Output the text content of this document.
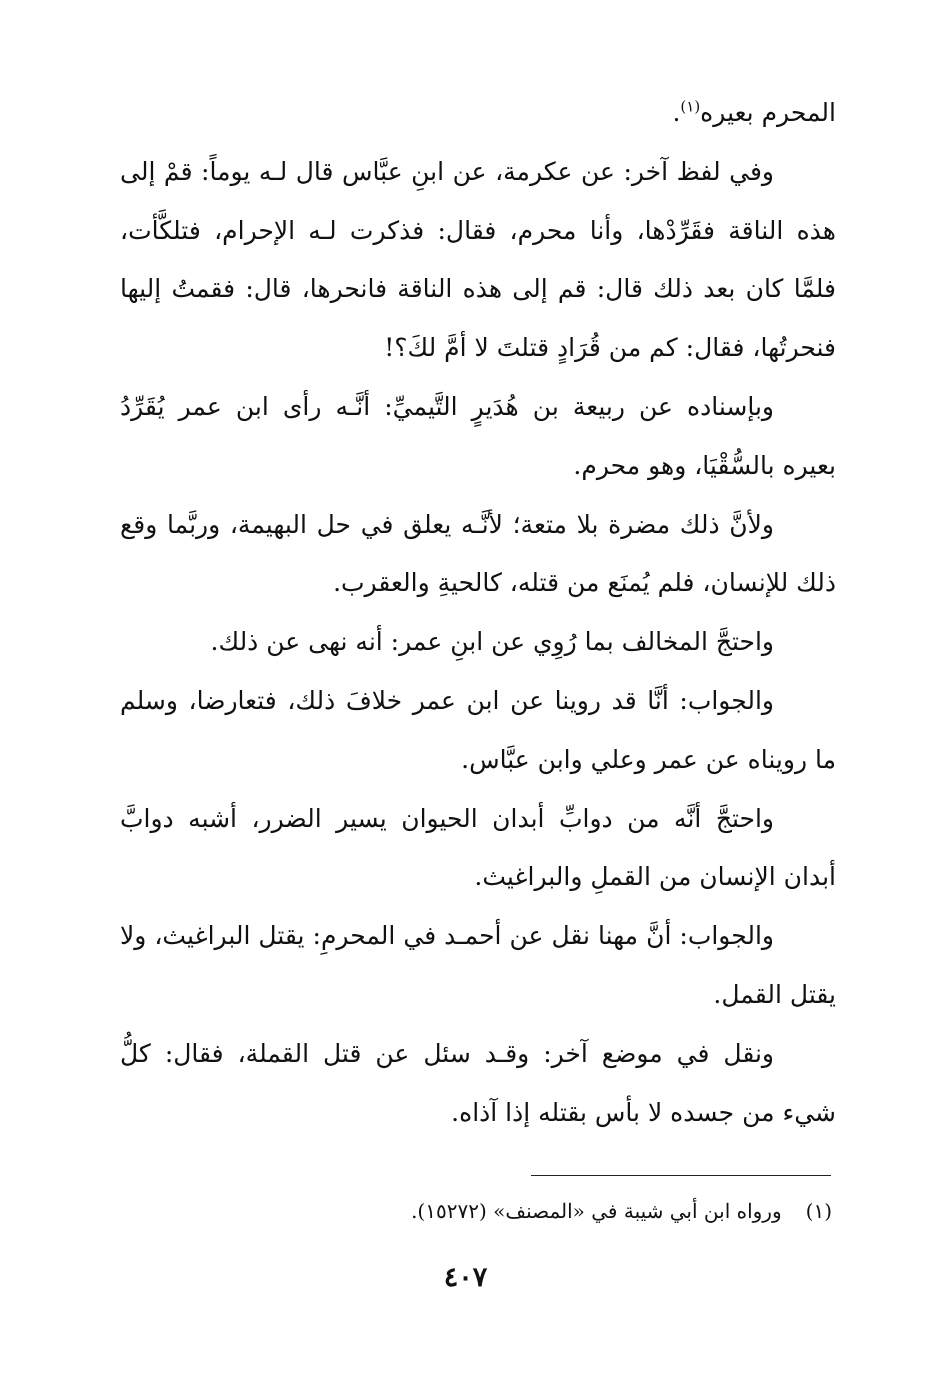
المحرم بعيره$^{(١)}$.

وفي لفظ آخر: عن عكرمة، عن ابنِ عبَّاس قال لـه يوماً: قمْ إلى هذه الناقة فقَرِّدْها، وأنا محرم، فقال: فذكرت لـه الإحرام، فتلكَّأت، فلمَّا كان بعد ذلك قال: قم إلى هذه الناقة فانحرها، قال: فقمتُ إليها فنحرتُها، فقال: كم من قُرَادٍ قتلتَ لا أمَّ لكَ؟!

وبإسناده عن ربيعة بن هُدَيرٍ التَّيميِّ: أنَّـه رأى ابن عمر يُقَرِّدُ بعيره بالسُّقْيَا، وهو محرم.

ولأنَّ ذلك مضرة بلا متعة؛ لأنَّـه يعلق في حل البهيمة، وربَّما وقع ذلك للإنسان، فلم يُمنَع من قتله، كالحيةِ والعقرب.

واحتجَّ المخالف بما رُوِي عن ابنِ عمر: أنه نهى عن ذلك.

والجواب: أنَّا قد روينا عن ابن عمر خلافَ ذلك، فتعارضا، وسلم ما رويناه عن عمر وعلي وابن عبَّاس.

واحتجَّ أنَّه من دوابِّ أبدان الحيوان يسير الضرر، أشبه دوابَّ أبدان الإنسان من القملِ والبراغيث.

والجواب: أنَّ مهنا نقل عن أحمـد في المحرمِ: يقتل البراغيث، ولا يقتل القمل.

ونقل في موضع آخر: وقـد سئل عن قتل القملة، فقال: كلُّ شيء من جسده لا بأس بقتله إذا آذاه.

(١)ورواه ابن أبي شيبة في «المصنف» (١٥٢٧٢).
٤٠٧
